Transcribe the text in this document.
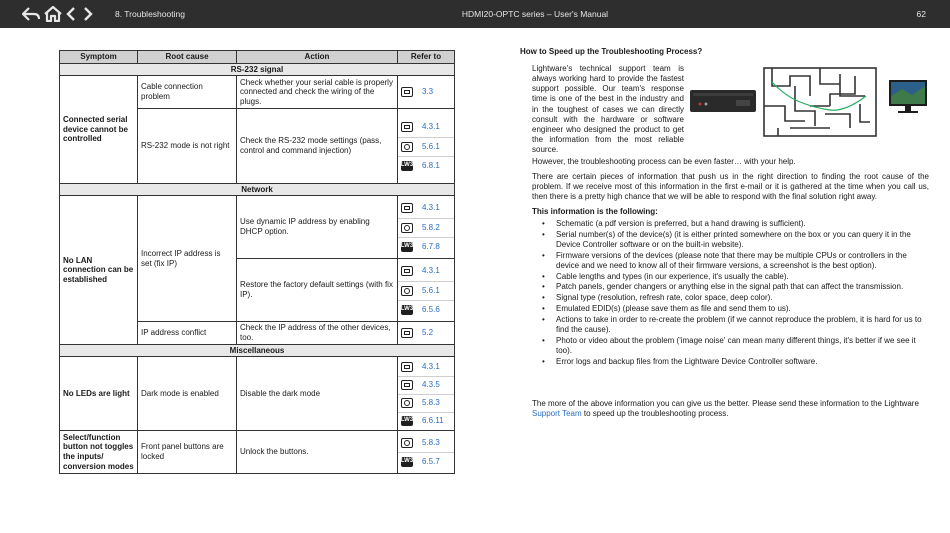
8. Troubleshooting	HDMI20-OPTC series – User's Manual	62
Symptom	Root cause	Action	Refer to
RS-232 signal			
Connected serial device cannot be controlled	Cable connection problem	Check whether your serial cable is properly connected and check the wiring of the plugs.	3.3

	RS-232 mode is not right	Check the RS-232 mode settings (pass, control and command injection)	4.3.1
5.6.1
LW3 6.8.1

Network			
No LAN connection can be established	Incorrect IP address is set (fix IP)	Use dynamic IP address by enabling DHCP option.	4.3.1
5.8.2
LW3 6.7.8

		Restore the factory default settings (with fix IP).	4.3.1
5.6.1
LW3 6.5.6

	IP address conflict	Check the IP address of the other devices, too.	5.2

Miscellaneous			
No LEDs are light	Dark mode is enabled	Disable the dark mode	4.3.1
4.3.5
5.8.3
LW3 6.6.11

Select/function button not toggles the inputs/ conversion modes	Front panel buttons are locked	Unlock the buttons.	5.8.3
LW3 6.5.7
How to Speed up the Troubleshooting Process?

Lightware's technical support team is always working hard to provide the fastest support possible. Our team's response time is one of the best in the industry and in the toughest of cases we can directly consult with the hardware or software engineer who designed the product to get the information from the most reliable source.

However, the troubleshooting process can be even faster… with your help.

There are certain pieces of information that push us in the right direction to finding the root cause of the problem. If we receive most of this information in the first e-mail or it is gathered at the time when you call us, then there is a pretty high chance that we will be able to respond with the final solution right away.

This information is the following:

• Schematic (a pdf version is preferred, but a hand drawing is sufficient).
• Serial number(s) of the device(s) (it is either printed somewhere on the box or you can query it in the Device Controller software or on the built-in website).
• Firmware versions of the devices (please note that there may be multiple CPUs or controllers in the device and we need to know all of their firmware versions, a screenshot is the best option).
• Cable lengths and types (in our experience, it's usually the cable).
• Patch panels, gender changers or anything else in the signal path that can affect the transmission.
• Signal type (resolution, refresh rate, color space, deep color).
• Emulated EDID(s) (please save them as file and send them to us).
• Actions to take in order to re-create the problem (if we cannot reproduce the problem, it is hard for us to find the cause).
• Photo or video about the problem ('image noise' can mean many different things, it's better if we see it too).
• Error logs and backup files from the Lightware Device Controller software.

The more of the above information you can give us the better. Please send these information to the Lightware Support Team to speed up the troubleshooting process.
